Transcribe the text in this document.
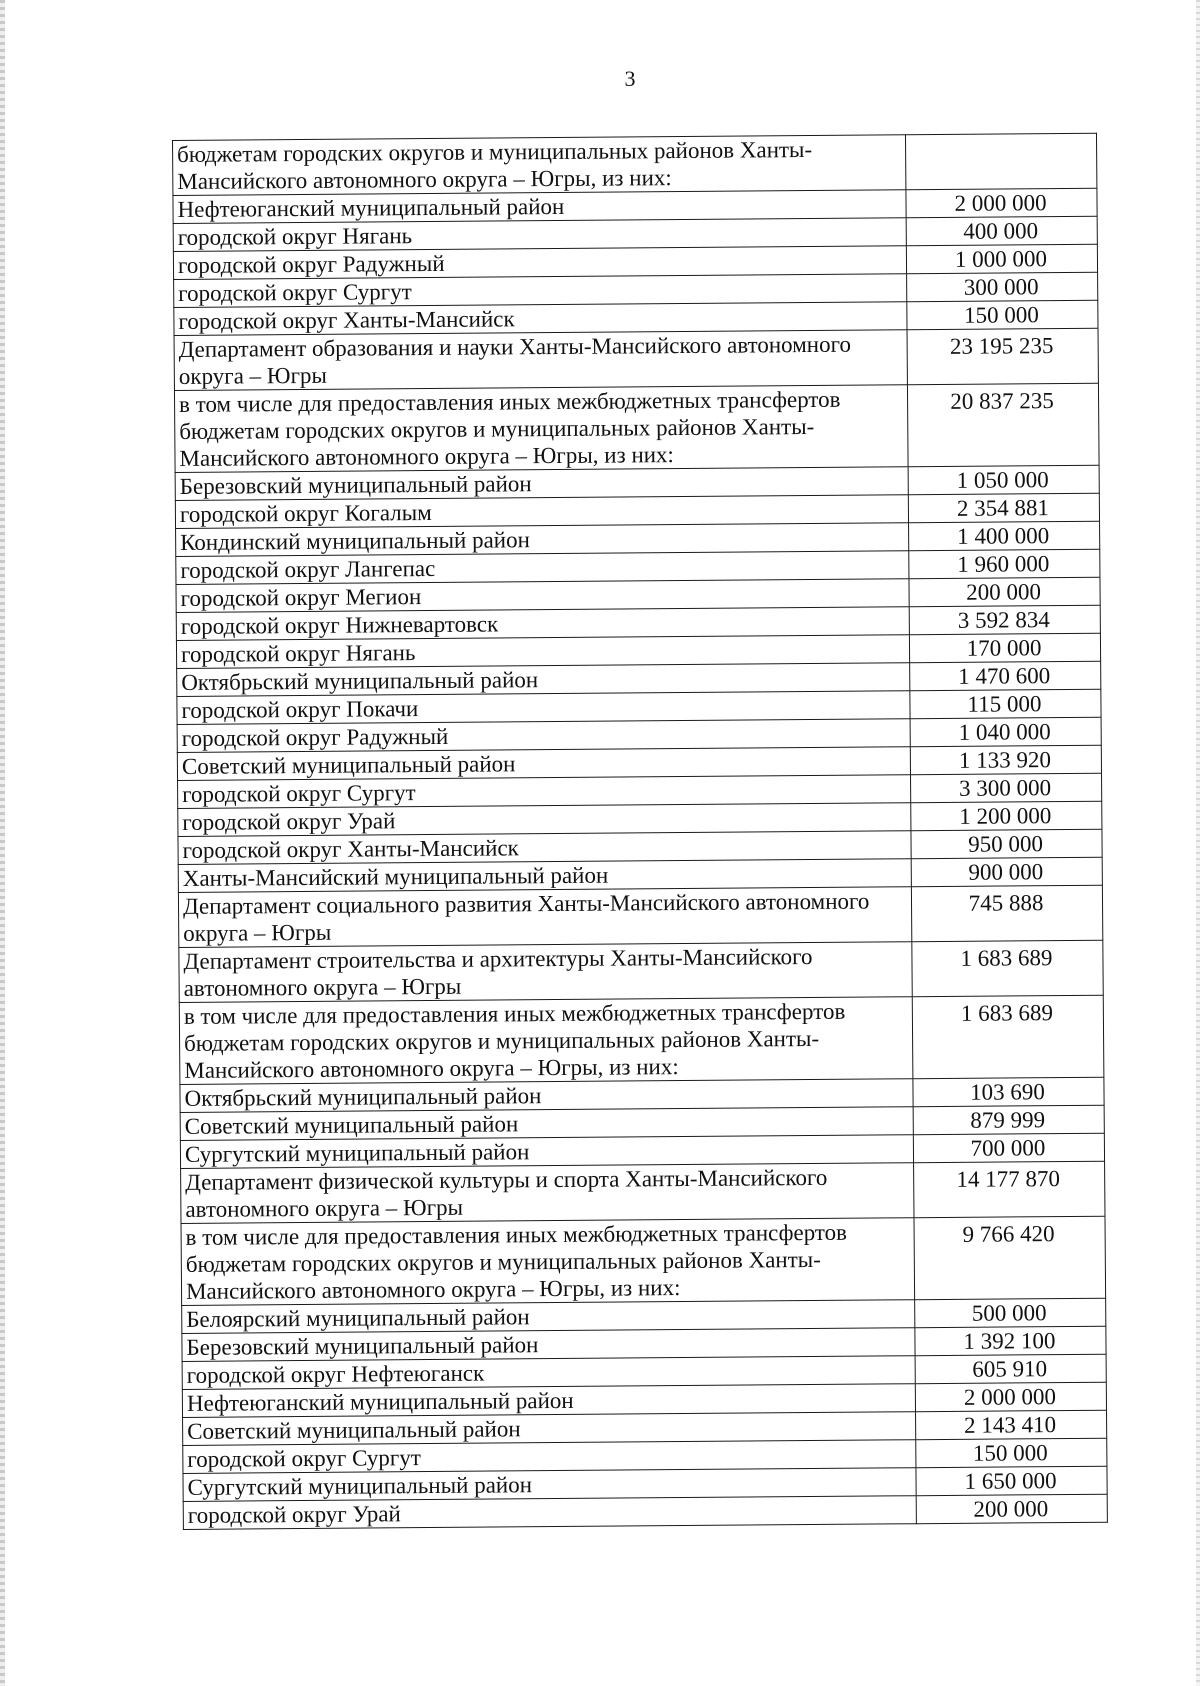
3
бюджетам городских округов и муниципальных районов Ханты-Мансийского автономного округа – Югры, из них:	
Нефтеюганский муниципальный район	2 000 000
городской округ Нягань	400 000
городской округ Радужный	1 000 000
городской округ Сургут	300 000
городской округ Ханты-Мансийск	150 000
Департамент образования и науки Ханты-Мансийского автономного округа – Югры	23 195 235
в том числе для предоставления иных межбюджетных трансфертов бюджетам городских округов и муниципальных районов Ханты-Мансийского автономного округа – Югры, из них:	20 837 235
Березовский муниципальный район	1 050 000
городской округ Когалым	2 354 881
Кондинский муниципальный район	1 400 000
городской округ Лангепас	1 960 000
городской округ Мегион	200 000
городской округ Нижневартовск	3 592 834
городской округ Нягань	170 000
Октябрьский муниципальный район	1 470 600
городской округ Покачи	115 000
городской округ Радужный	1 040 000
Советский муниципальный район	1 133 920
городской округ Сургут	3 300 000
городской округ Урай	1 200 000
городской округ Ханты-Мансийск	950 000
Ханты-Мансийский муниципальный район	900 000
Департамент социального развития Ханты-Мансийского автономного округа – Югры	745 888
Департамент строительства и архитектуры Ханты-Мансийского автономного округа – Югры	1 683 689
в том числе для предоставления иных межбюджетных трансфертов бюджетам городских округов и муниципальных районов Ханты-Мансийского автономного округа – Югры, из них:	1 683 689
Октябрьский муниципальный район	103 690
Советский муниципальный район	879 999
Сургутский муниципальный район	700 000
Департамент физической культуры и спорта Ханты-Мансийского автономного округа – Югры	14 177 870
в том числе для предоставления иных межбюджетных трансфертов бюджетам городских округов и муниципальных районов Ханты-Мансийского автономного округа – Югры, из них:	9 766 420
Белоярский муниципальный район	500 000
Березовский муниципальный район	1 392 100
городской округ Нефтеюганск	605 910
Нефтеюганский муниципальный район	2 000 000
Советский муниципальный район	2 143 410
городской округ Сургут	150 000
Сургутский муниципальный район	1 650 000
городской округ Урай	200 000
